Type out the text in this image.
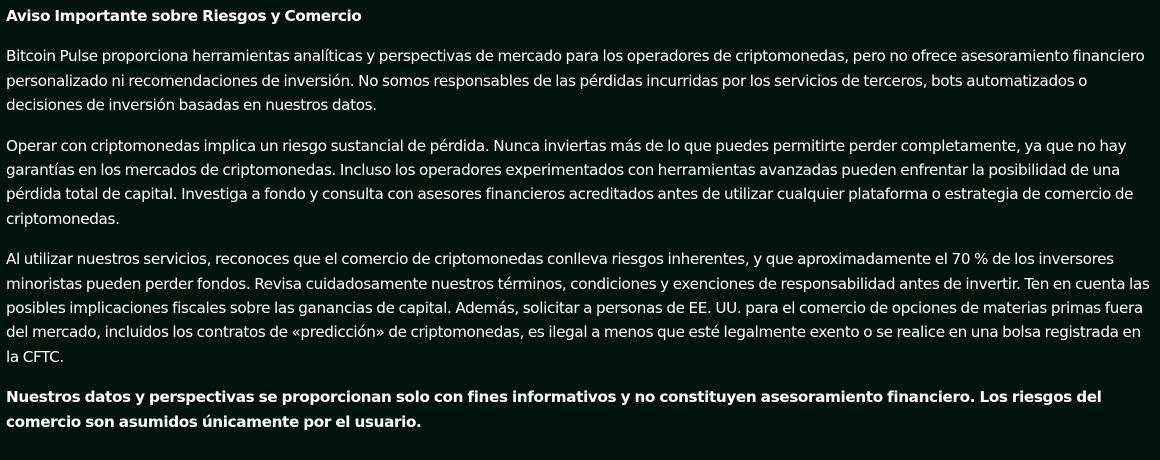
Aviso Importante sobre Riesgos y Comercio

Bitcoin Pulse proporciona herramientas analíticas y perspectivas de mercado para los operadores de criptomonedas, pero no ofrece asesoramiento financiero personalizado ni recomendaciones de inversión. No somos responsables de las pérdidas incurridas por los servicios de terceros, bots automatizados o decisiones de inversión basadas en nuestros datos.

Operar con criptomonedas implica un riesgo sustancial de pérdida. Nunca inviertas más de lo que puedes permitirte perder completamente, ya que no hay garantías en los mercados de criptomonedas. Incluso los operadores experimentados con herramientas avanzadas pueden enfrentar la posibilidad de una pérdida total de capital. Investiga a fondo y consulta con asesores financieros acreditados antes de utilizar cualquier plataforma o estrategia de comercio de criptomonedas.

Al utilizar nuestros servicios, reconoces que el comercio de criptomonedas conlleva riesgos inherentes, y que aproximadamente el 70 % de los inversores minoristas pueden perder fondos. Revisa cuidadosamente nuestros términos, condiciones y exenciones de responsabilidad antes de invertir. Ten en cuenta las posibles implicaciones fiscales sobre las ganancias de capital. Además, solicitar a personas de EE. UU. para el comercio de opciones de materias primas fuera del mercado, incluidos los contratos de «predicción» de criptomonedas, es ilegal a menos que esté legalmente exento o se realice en una bolsa registrada en la CFTC.

Nuestros datos y perspectivas se proporcionan solo con fines informativos y no constituyen asesoramiento financiero. Los riesgos del comercio son asumidos únicamente por el usuario.
